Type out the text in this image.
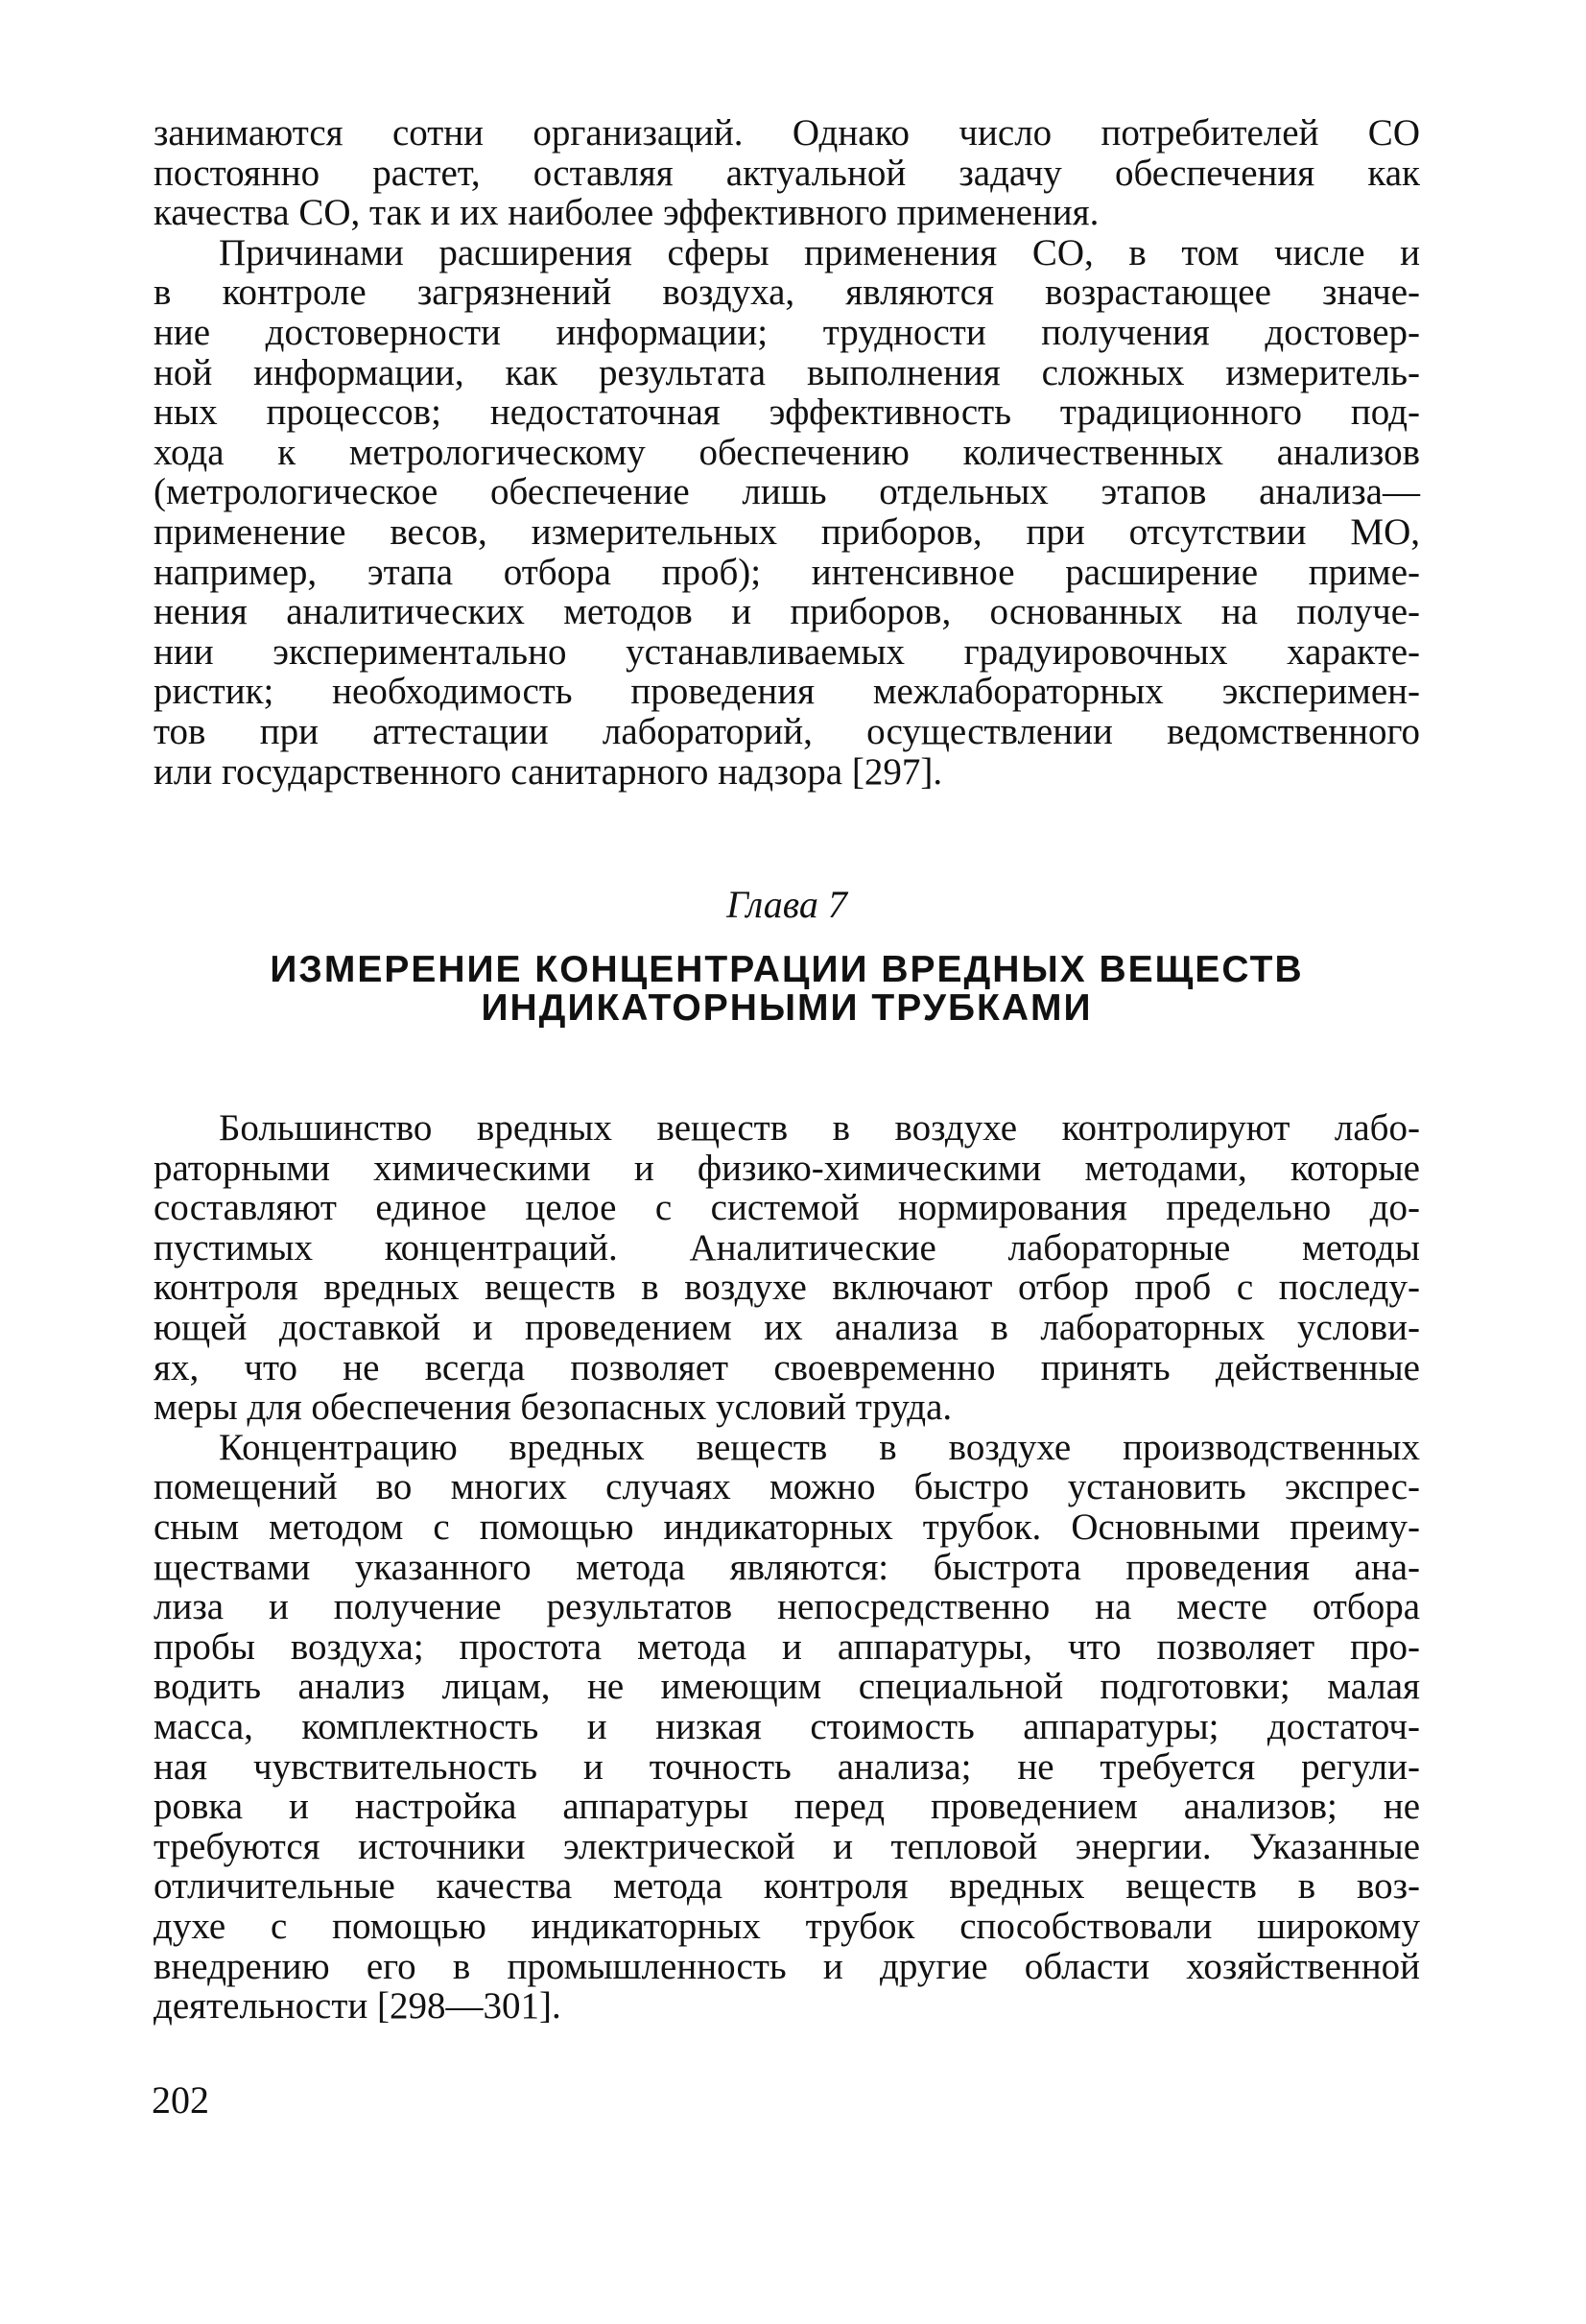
занимаются сотни организаций. Однако число потребителей СО
постоянно растет, оставляя актуальной задачу обеспечения как
качества СО, так и их наиболее эффективного применения.
Причинами расширения сферы применения СО, в том числе и
в контроле загрязнений воздуха, являются возрастающее значе-
ние достоверности информации; трудности получения достовер-
ной информации, как результата выполнения сложных измеритель-
ных процессов; недостаточная эффективность традиционного под-
хода к метрологическому обеспечению количественных анализов
(метрологическое обеспечение лишь отдельных этапов анализа—
применение весов, измерительных приборов, при отсутствии МО,
например, этапа отбора проб); интенсивное расширение приме-
нения аналитических методов и приборов, основанных на получе-
нии экспериментально устанавливаемых градуировочных характе-
ристик; необходимость проведения межлабораторных эксперимен-
тов при аттестации лабораторий, осуществлении ведомственного
или государственного санитарного надзора [297].
Глава 7
ИЗМЕРЕНИЕ КОНЦЕНТРАЦИИ ВРЕДНЫХ ВЕЩЕСТВ
ИНДИКАТОРНЫМИ ТРУБКАМИ
Большинство вредных веществ в воздухе контролируют лабо-
раторными химическими и физико-химическими методами, которые
составляют единое целое с системой нормирования предельно до-
пустимых концентраций. Аналитические лабораторные методы
контроля вредных веществ в воздухе включают отбор проб с последу-
ющей доставкой и проведением их анализа в лабораторных услови-
ях, что не всегда позволяет своевременно принять действенные
меры для обеспечения безопасных условий труда.
Концентрацию вредных веществ в воздухе производственных
помещений во многих случаях можно быстро установить экспрес-
сным методом с помощью индикаторных трубок. Основными преиму-
ществами указанного метода являются: быстрота проведения ана-
лиза и получение результатов непосредственно на месте отбора
пробы воздуха; простота метода и аппаратуры, что позволяет про-
водить анализ лицам, не имеющим специальной подготовки; малая
масса, комплектность и низкая стоимость аппаратуры; достаточ-
ная чувствительность и точность анализа; не требуется регули-
ровка и настройка аппаратуры перед проведением анализов; не
требуются источники электрической и тепловой энергии. Указанные
отличительные качества метода контроля вредных веществ в воз-
духе с помощью индикаторных трубок способствовали широкому
внедрению его в промышленность и другие области хозяйственной
деятельности [298—301].
202
